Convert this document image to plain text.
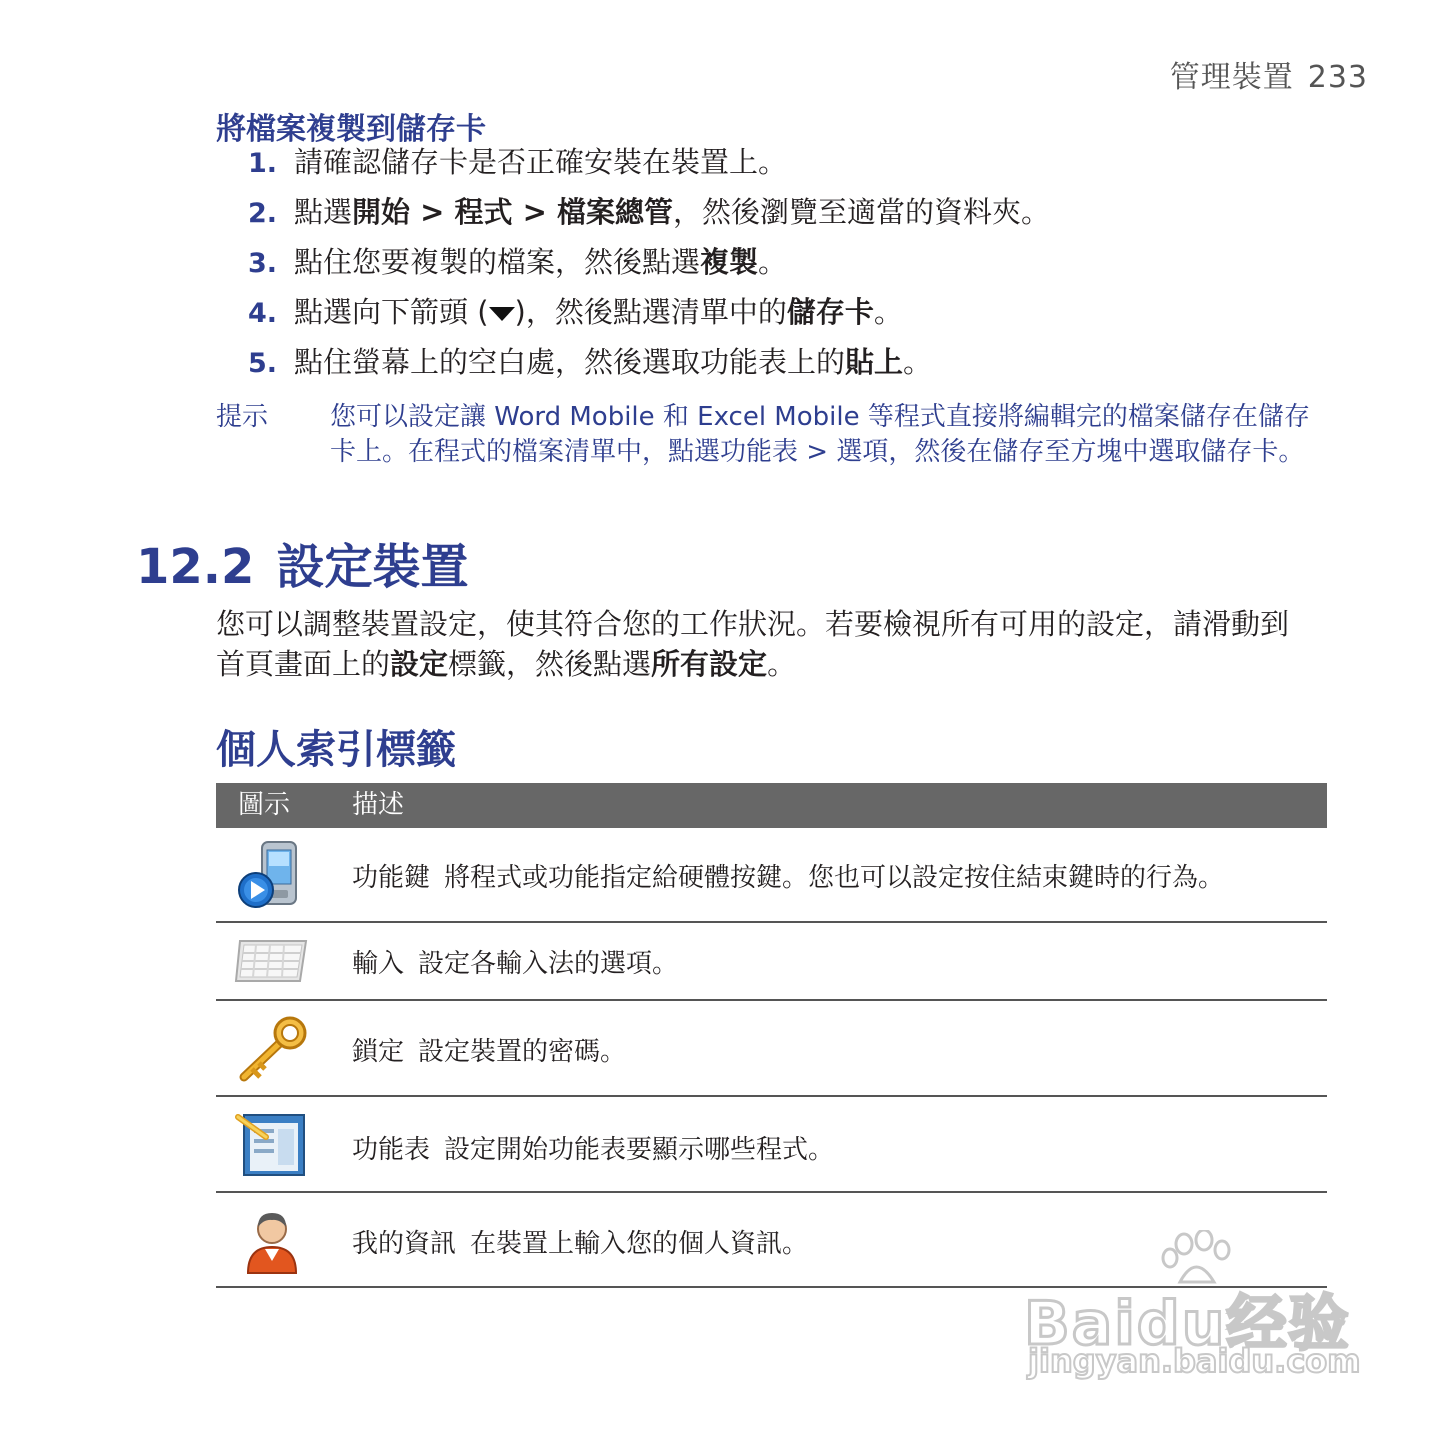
管理裝置 233
將檔案複製到儲存卡
1. 請確認儲存卡是否正確安裝在裝置上。
2. 點選開始 > 程式 > 檔案總管，然後瀏覽至適當的資料夾。
3. 點住您要複製的檔案，然後點選複製。
4. 點選向下箭頭 ( )，然後點選清單中的儲存卡。
5. 點住螢幕上的空白處，然後選取功能表上的貼上。
提示 您可以設定讓 Word Mobile 和 Excel Mobile 等程式直接將編輯完的檔案儲存在儲存卡上。在程式的檔案清單中，點選功能表 > 選項，然後在儲存至方塊中選取儲存卡。
12.2 設定裝置
您可以調整裝置設定，使其符合您的工作狀況。若要檢視所有可用的設定，請滑動到首頁畫面上的設定標籤，然後點選所有設定。
個人索引標籤
圖示 描述
功能鍵 將程式或功能指定給硬體按鍵。您也可以設定按住結束鍵時的行為。
輸入 設定各輸入法的選項。
鎖定 設定裝置的密碼。
功能表 設定開始功能表要顯示哪些程式。
我的資訊 在裝置上輸入您的個人資訊。
Baidu经验
jingyan.baidu.com
